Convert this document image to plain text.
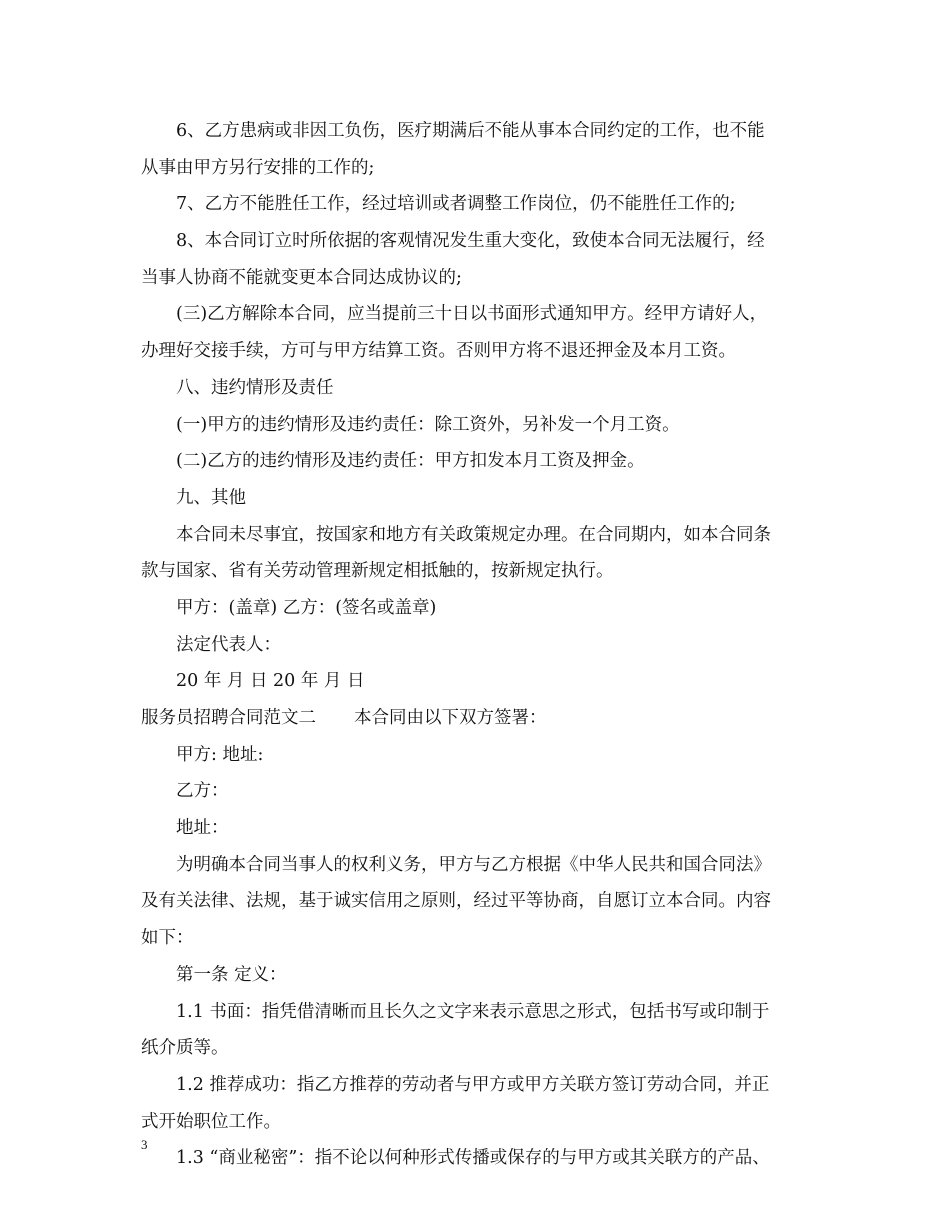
6、乙方患病或非因工负伤，医疗期满后不能从事本合同约定的工作，也不能
从事由甲方另行安排的工作的;
7、乙方不能胜任工作，经过培训或者调整工作岗位，仍不能胜任工作的;
8、本合同订立时所依据的客观情况发生重大变化，致使本合同无法履行，经
当事人协商不能就变更本合同达成协议的;
(三)乙方解除本合同，应当提前三十日以书面形式通知甲方。经甲方请好人，
办理好交接手续，方可与甲方结算工资。否则甲方将不退还押金及本月工资。
八、违约情形及责任
(一)甲方的违约情形及违约责任：除工资外，另补发一个月工资。
(二)乙方的违约情形及违约责任：甲方扣发本月工资及押金。
九、其他
本合同未尽事宜，按国家和地方有关政策规定办理。在合同期内，如本合同条
款与国家、省有关劳动管理新规定相抵触的，按新规定执行。
甲方：(盖章) 乙方：(签名或盖章)
法定代表人：
20 年 月 日 20 年 月 日
服务员招聘合同范文二 本合同由以下双方签署：
甲方: 地址:
乙方：
地址：
为明确本合同当事人的权利义务，甲方与乙方根据《中华人民共和国合同法》
及有关法律、法规，基于诚实信用之原则，经过平等协商，自愿订立本合同。内容
如下：
第一条 定义：
1.1 书面：指凭借清晰而且长久之文字来表示意思之形式，包括书写或印制于
纸介质等。
1.2 推荐成功：指乙方推荐的劳动者与甲方或甲方关联方签订劳动合同，并正
式开始职位工作。
1.3 “商业秘密”：指不论以何种形式传播或保存的与甲方或其关联方的产品、
3
